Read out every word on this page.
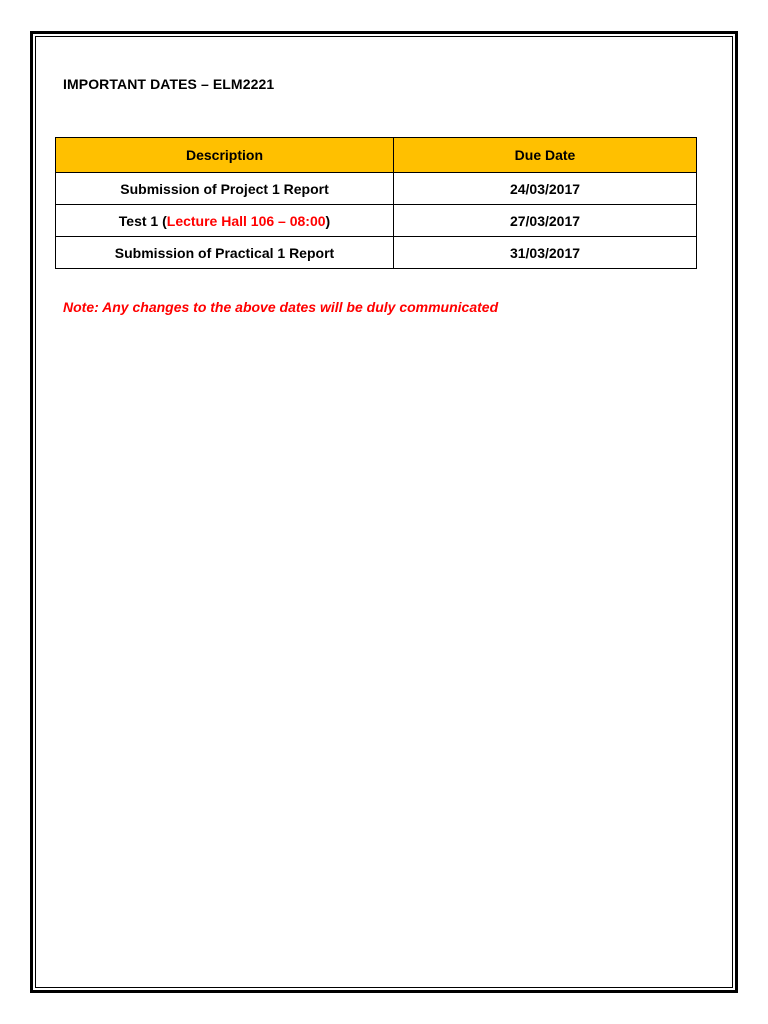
IMPORTANT DATES – ELM2221
Description	Due Date
Submission of Project 1 Report	24/03/2017
Test 1 (Lecture Hall 106 – 08:00)	27/03/2017
Submission of Practical 1 Report	31/03/2017
Note: Any changes to the above dates will be duly communicated
